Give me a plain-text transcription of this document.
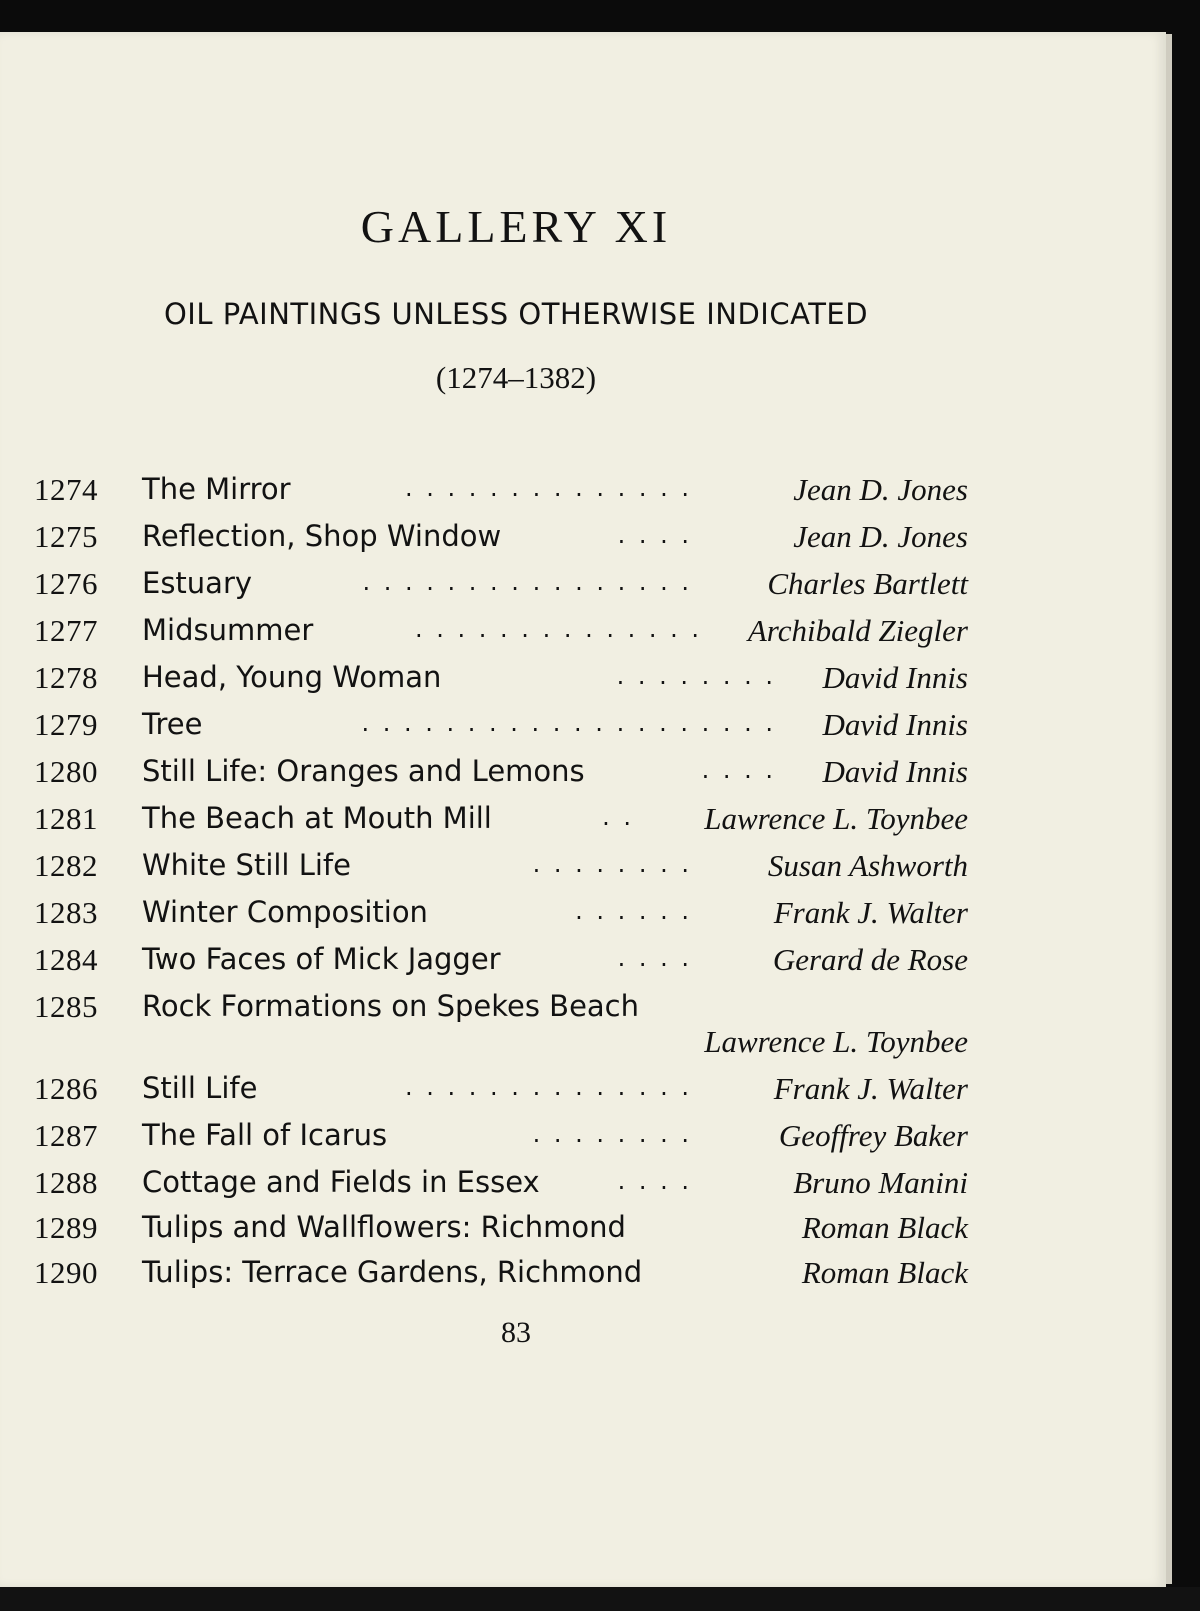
GALLERY XI
OIL PAINTINGS UNLESS OTHERWISE INDICATED
(1274–1382)
1274 The Mirror	. . . . . . . . . . . . . .	Jean D. Jones
1275 Reflection, Shop Window	. . . .	Jean D. Jones
1276 Estuary	. . . . . . . . . . . . . . . . Charles Bartlett
1277 Midsummer	. . . . . . . . . . . . . . Archibald Ziegler
1278 Head, Young Woman	. . . . . . . . David Innis
1279 Tree	. . . . . . . . . . . . . . . . . . . . David Innis
1280 Still Life: Oranges and Lemons	. . . . David Innis
1281 The Beach at Mouth Mill	. . Lawrence L. Toynbee
1282 White Still Life	. . . . . . . . Susan Ashworth
1283 Winter Composition	. . . . . .	Frank J. Walter
1284 Two Faces of Mick Jagger	. . . .	Gerard de Rose
1285 Rock Formations on Spekes Beach
Lawrence L. Toynbee
1286 Still Life	. . . . . . . . . . . . . .	Frank J. Walter
1287 The Fall of Icarus	. . . . . . . .	Geoffrey Baker
1288 Cottage and Fields in Essex	. . . .	Bruno Manini
1289 Tulips and Wallflowers: Richmond	Roman Black
1290 Tulips: Terrace Gardens, Richmond	Roman Black
83
